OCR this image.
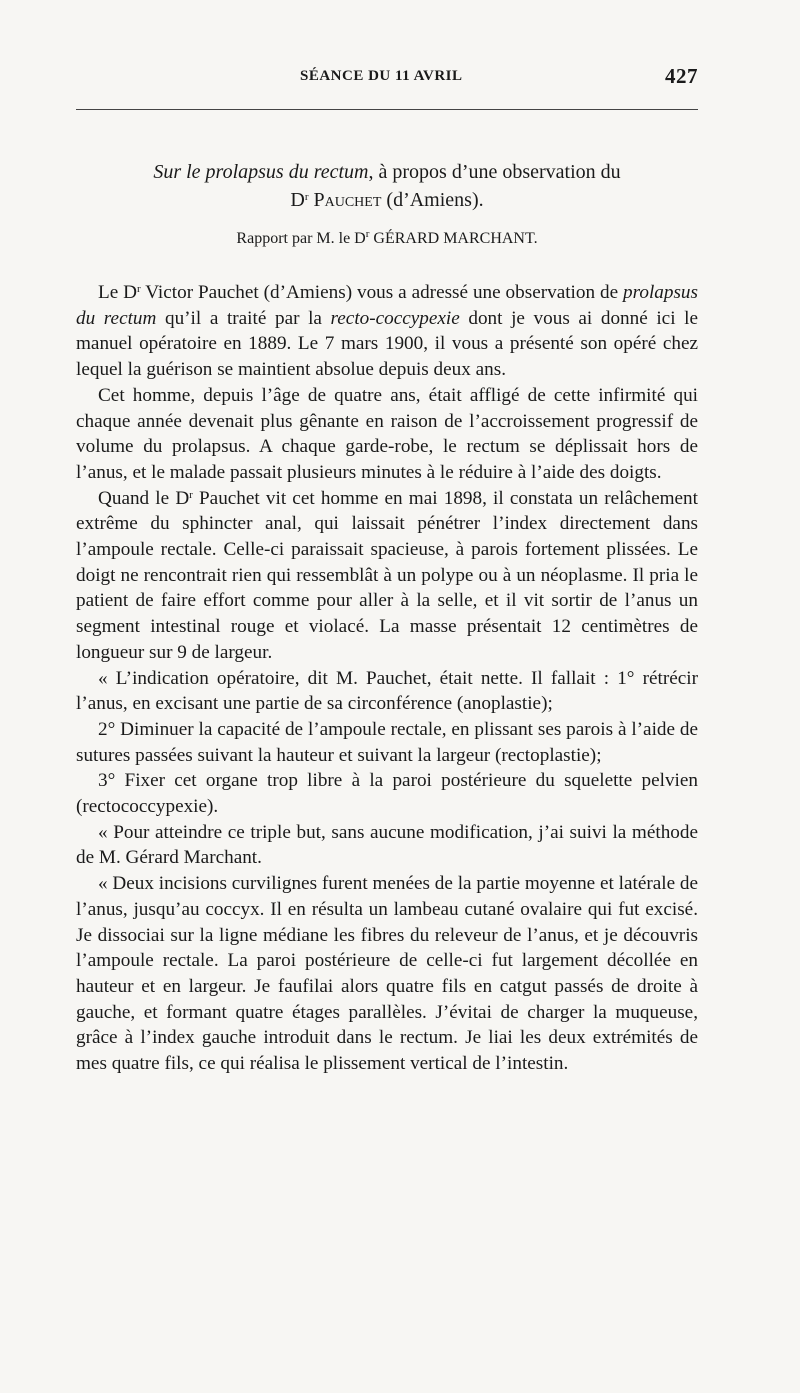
SÉANCE DU 11 AVRIL	427
Sur le prolapsus du rectum, à propos d’une observation du
$D^r$ Pauchet (d’Amiens).
Rapport par M. le $D^r$ GÉRARD MARCHANT.

Le $D^r$ Victor Pauchet (d’Amiens) vous a adressé une observation de prolapsus du rectum qu’il a traité par la recto-coccypexie dont je vous ai donné ici le manuel opératoire en 1889. Le 7 mars 1900, il vous a présenté son opéré chez lequel la guérison se maintient absolue depuis deux ans.

Cet homme, depuis l’âge de quatre ans, était affligé de cette infirmité qui chaque année devenait plus gênante en raison de l’accroissement progressif de volume du prolapsus. A chaque garde-robe, le rectum se déplissait hors de l’anus, et le malade passait plusieurs minutes à le réduire à l’aide des doigts.

Quand le $D^r$ Pauchet vit cet homme en mai 1898, il constata un relâchement extrême du sphincter anal, qui laissait pénétrer l’index directement dans l’ampoule rectale. Celle-ci paraissait spacieuse, à parois fortement plissées. Le doigt ne rencontrait rien qui ressemblât à un polype ou à un néoplasme. Il pria le patient de faire effort comme pour aller à la selle, et il vit sortir de l’anus un segment intestinal rouge et violacé. La masse présentait 12 centimètres de longueur sur 9 de largeur.

« L’indication opératoire, dit M. Pauchet, était nette. Il fallait : 1° rétrécir l’anus, en excisant une partie de sa circonférence (anoplastie);

2° Diminuer la capacité de l’ampoule rectale, en plissant ses parois à l’aide de sutures passées suivant la hauteur et suivant la largeur (rectoplastie);

3° Fixer cet organe trop libre à la paroi postérieure du squelette pelvien (rectococcypexie).

« Pour atteindre ce triple but, sans aucune modification, j’ai suivi la méthode de M. Gérard Marchant.

« Deux incisions curvilignes furent menées de la partie moyenne et latérale de l’anus, jusqu’au coccyx. Il en résulta un lambeau cutané ovalaire qui fut excisé. Je dissociai sur la ligne médiane les fibres du releveur de l’anus, et je découvris l’ampoule rectale. La paroi postérieure de celle-ci fut largement décollée en hauteur et en largeur. Je faufilai alors quatre fils en catgut passés de droite à gauche, et formant quatre étages parallèles. J’évitai de charger la muqueuse, grâce à l’index gauche introduit dans le rectum. Je liai les deux extrémités de mes quatre fils, ce qui réalisa le plissement vertical de l’intestin.
